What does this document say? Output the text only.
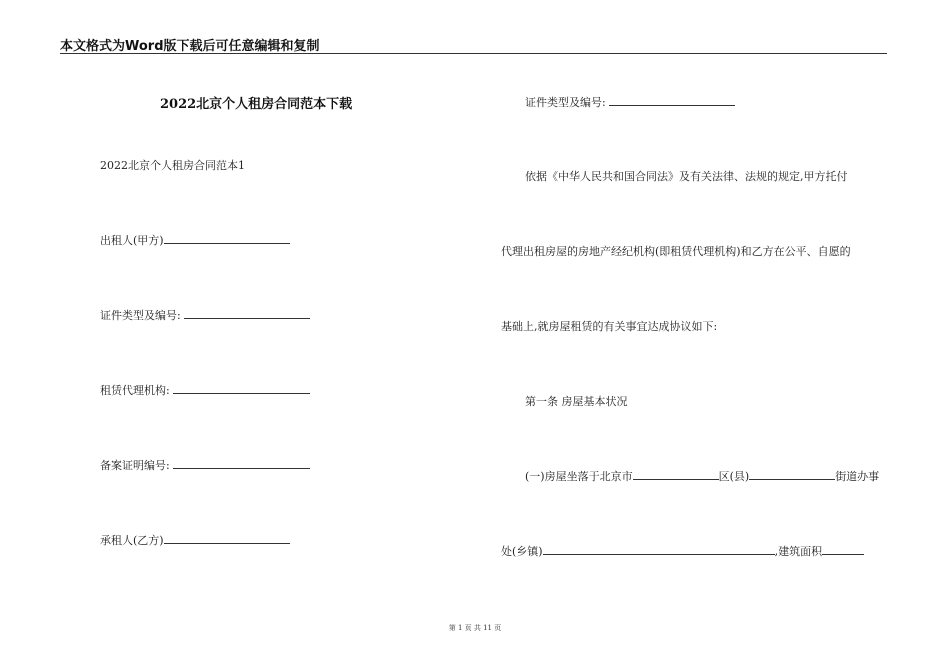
本文格式为Word版下载后可任意编辑和复制
2022北京个人租房合同范本下载
2022北京个人租房合同范本1
出租人(甲方)
证件类型及编号:
租赁代理机构:
备案证明编号:
承租人(乙方)
证件类型及编号:
依据《中华人民共和国合同法》及有关法律、法规的规定,甲方托付
代理出租房屋的房地产经纪机构(即租赁代理机构)和乙方在公平、自愿的
基础上,就房屋租赁的有关事宜达成协议如下:
第一条 房屋基本状况
(一)房屋坐落于北京市	区(县)	街道办事
处(乡镇)	,建筑面积
第 1 页 共 11 页
